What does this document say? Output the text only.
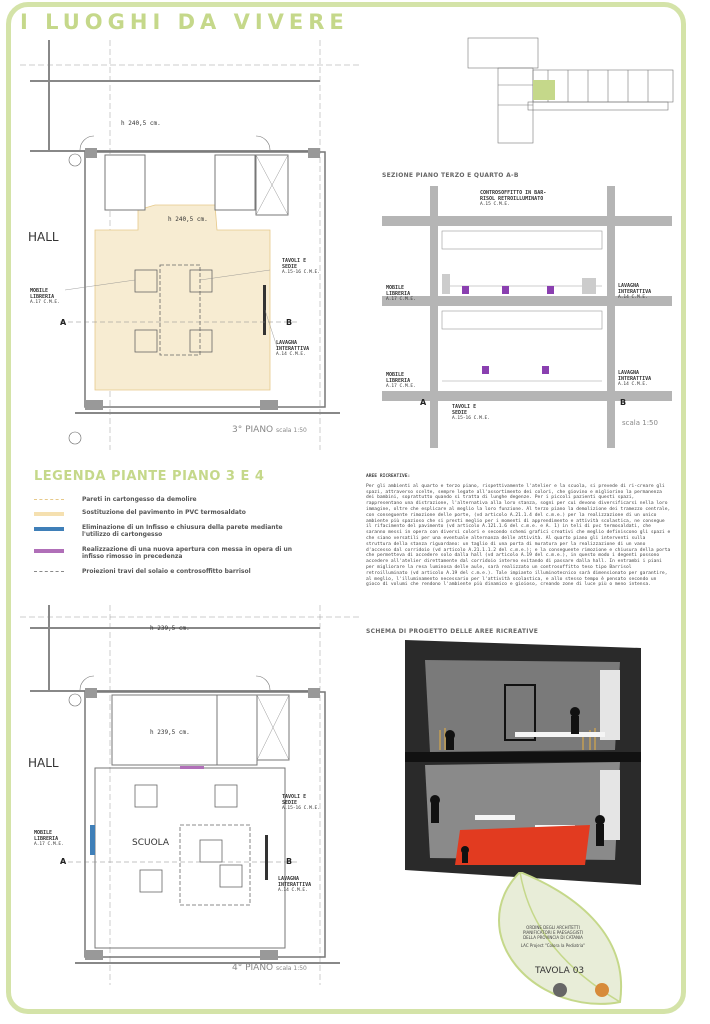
I LUOGHI DA VIVERE
h 240,5 cm.
h 240,5 cm.
HALL
MOBILE
LIBRERIA
A.17 C.M.E.
TAVOLI E
SEDIE
A.15-16 C.M.E.
LAVAGNA
INTERATTIVA
A.14 C.M.E.
A	B
3° PIANO scala 1:50
SEZIONE PIANO TERZO E QUARTO A-B
CONTROSOFFITTO IN BAR-
RISOL RETROILLUMINATO
A.15 C.M.E.
MOBILE
LIBRERIA
A.17 C.M.E.
LAVAGNA
INTERATTIVA
A.14 C.M.E.
MOBILE
LIBRERIA
A.17 C.M.E.
LAVAGNA
INTERATTIVA
A.14 C.M.E.
TAVOLI E
SEDIE
A.15-16 C.M.E.
A	B
scala 1:50
LEGENDA PIANTE PIANO 3 E 4
Pareti in cartongesso da demolire
Sostituzione del pavimento in PVC termosaldato
Eliminazione di un Infisso e chiusura della parete mediante l'utilizzo di cartongesso
Realizzazione di una nuova apertura con messa in opera di un infisso rimosso in precedenza
Proiezioni travi del solaio e controsoffitto barrisol

AREE RICREATIVE:

Per gli ambienti al quarto e terzo piano, rispettivamente l'atelier e la scuola, si prevede di ri-creare gli spazi, attraverso scelte, sempre legate all'assortimento dei colori, che giovino e migliorino la permanenza dei bambini, soprattutto quando si tratta di lunghe degenze. Per i piccoli pazienti questi spazi, rappresentano una distrazione, l'alternativa alla loro stanza, sogni per cui devono diversificarsi nella loro immagine, oltre che esplicare al meglio la loro funzione. Al terzo piano la demolizione dei tramezzo centrale, con conseguente rimozione delle porte, (vd articolo A.21.1.4 del c.m.e.) per la realizzazione di un unico ambiente più spazioso che si presti meglio per i momenti di apprendimento e attività scolastica, ne consegue il rifacimento del pavimento (vd articolo A.121.1.6 del c.m.e. e A. 1) in teli di pvc termosaldati, che saranno messi in opera con diversi colori e secondo schemi grafici creativi che meglio definiscono gli spazi e che siano versatili per una eventuale alternanza delle attività. Al quarto piano gli interventi sulla struttura della stanza riguardano: un taglio di una porta di muratura per la realizzazione di un vano d'accesso dal corridoio (vd articolo A.21.1.1.2 del c.m.e.); e la conseguente rimozione e chiusura della porta che permetteva di accedere solo dalla hall (vd articolo A.19 del c.m.e.), in questo modo i degenti possono accedere all'atelier direttamente dal corridoio interno evitando di passare dalla hall. In entrambi i piani per migliorare la resa luminosa delle aule, sarà realizzato un controsoffitto teso tipo Barrisol retroilluminato (vd articolo A.19 del c.m.e.). Tale impianto illuminotecnico sarà dimensionato per garantire, al meglio, l'illuminamento necessario per l'attività scolastica, e allo stesso tempo è pensato secondo un gioco di volumi che rendono l'ambiente più dinamico e gioioso, creando zone di luce più o meno intensa.

SCHEMA DI PROGETTO DELLE AREE RICREATIVE
h 239,5 cm.
h 239,5 cm.
HALL
SCUOLA
MOBILE
LIBRERIA
A.17 C.M.E.
TAVOLI E
SEDIE
A.15-16 C.M.E.
LAVAGNA
INTERATTIVA
A.14 C.M.E.
A	B
4° PIANO scala 1:50
ORDINE DEGLI ARCHITETTI
PIANIFICATORI E PAESAGGISTI
DELLA PROVINCIA DI CATANIA
LAC Project "Colora la Pediatria"
TAVOLA 03
